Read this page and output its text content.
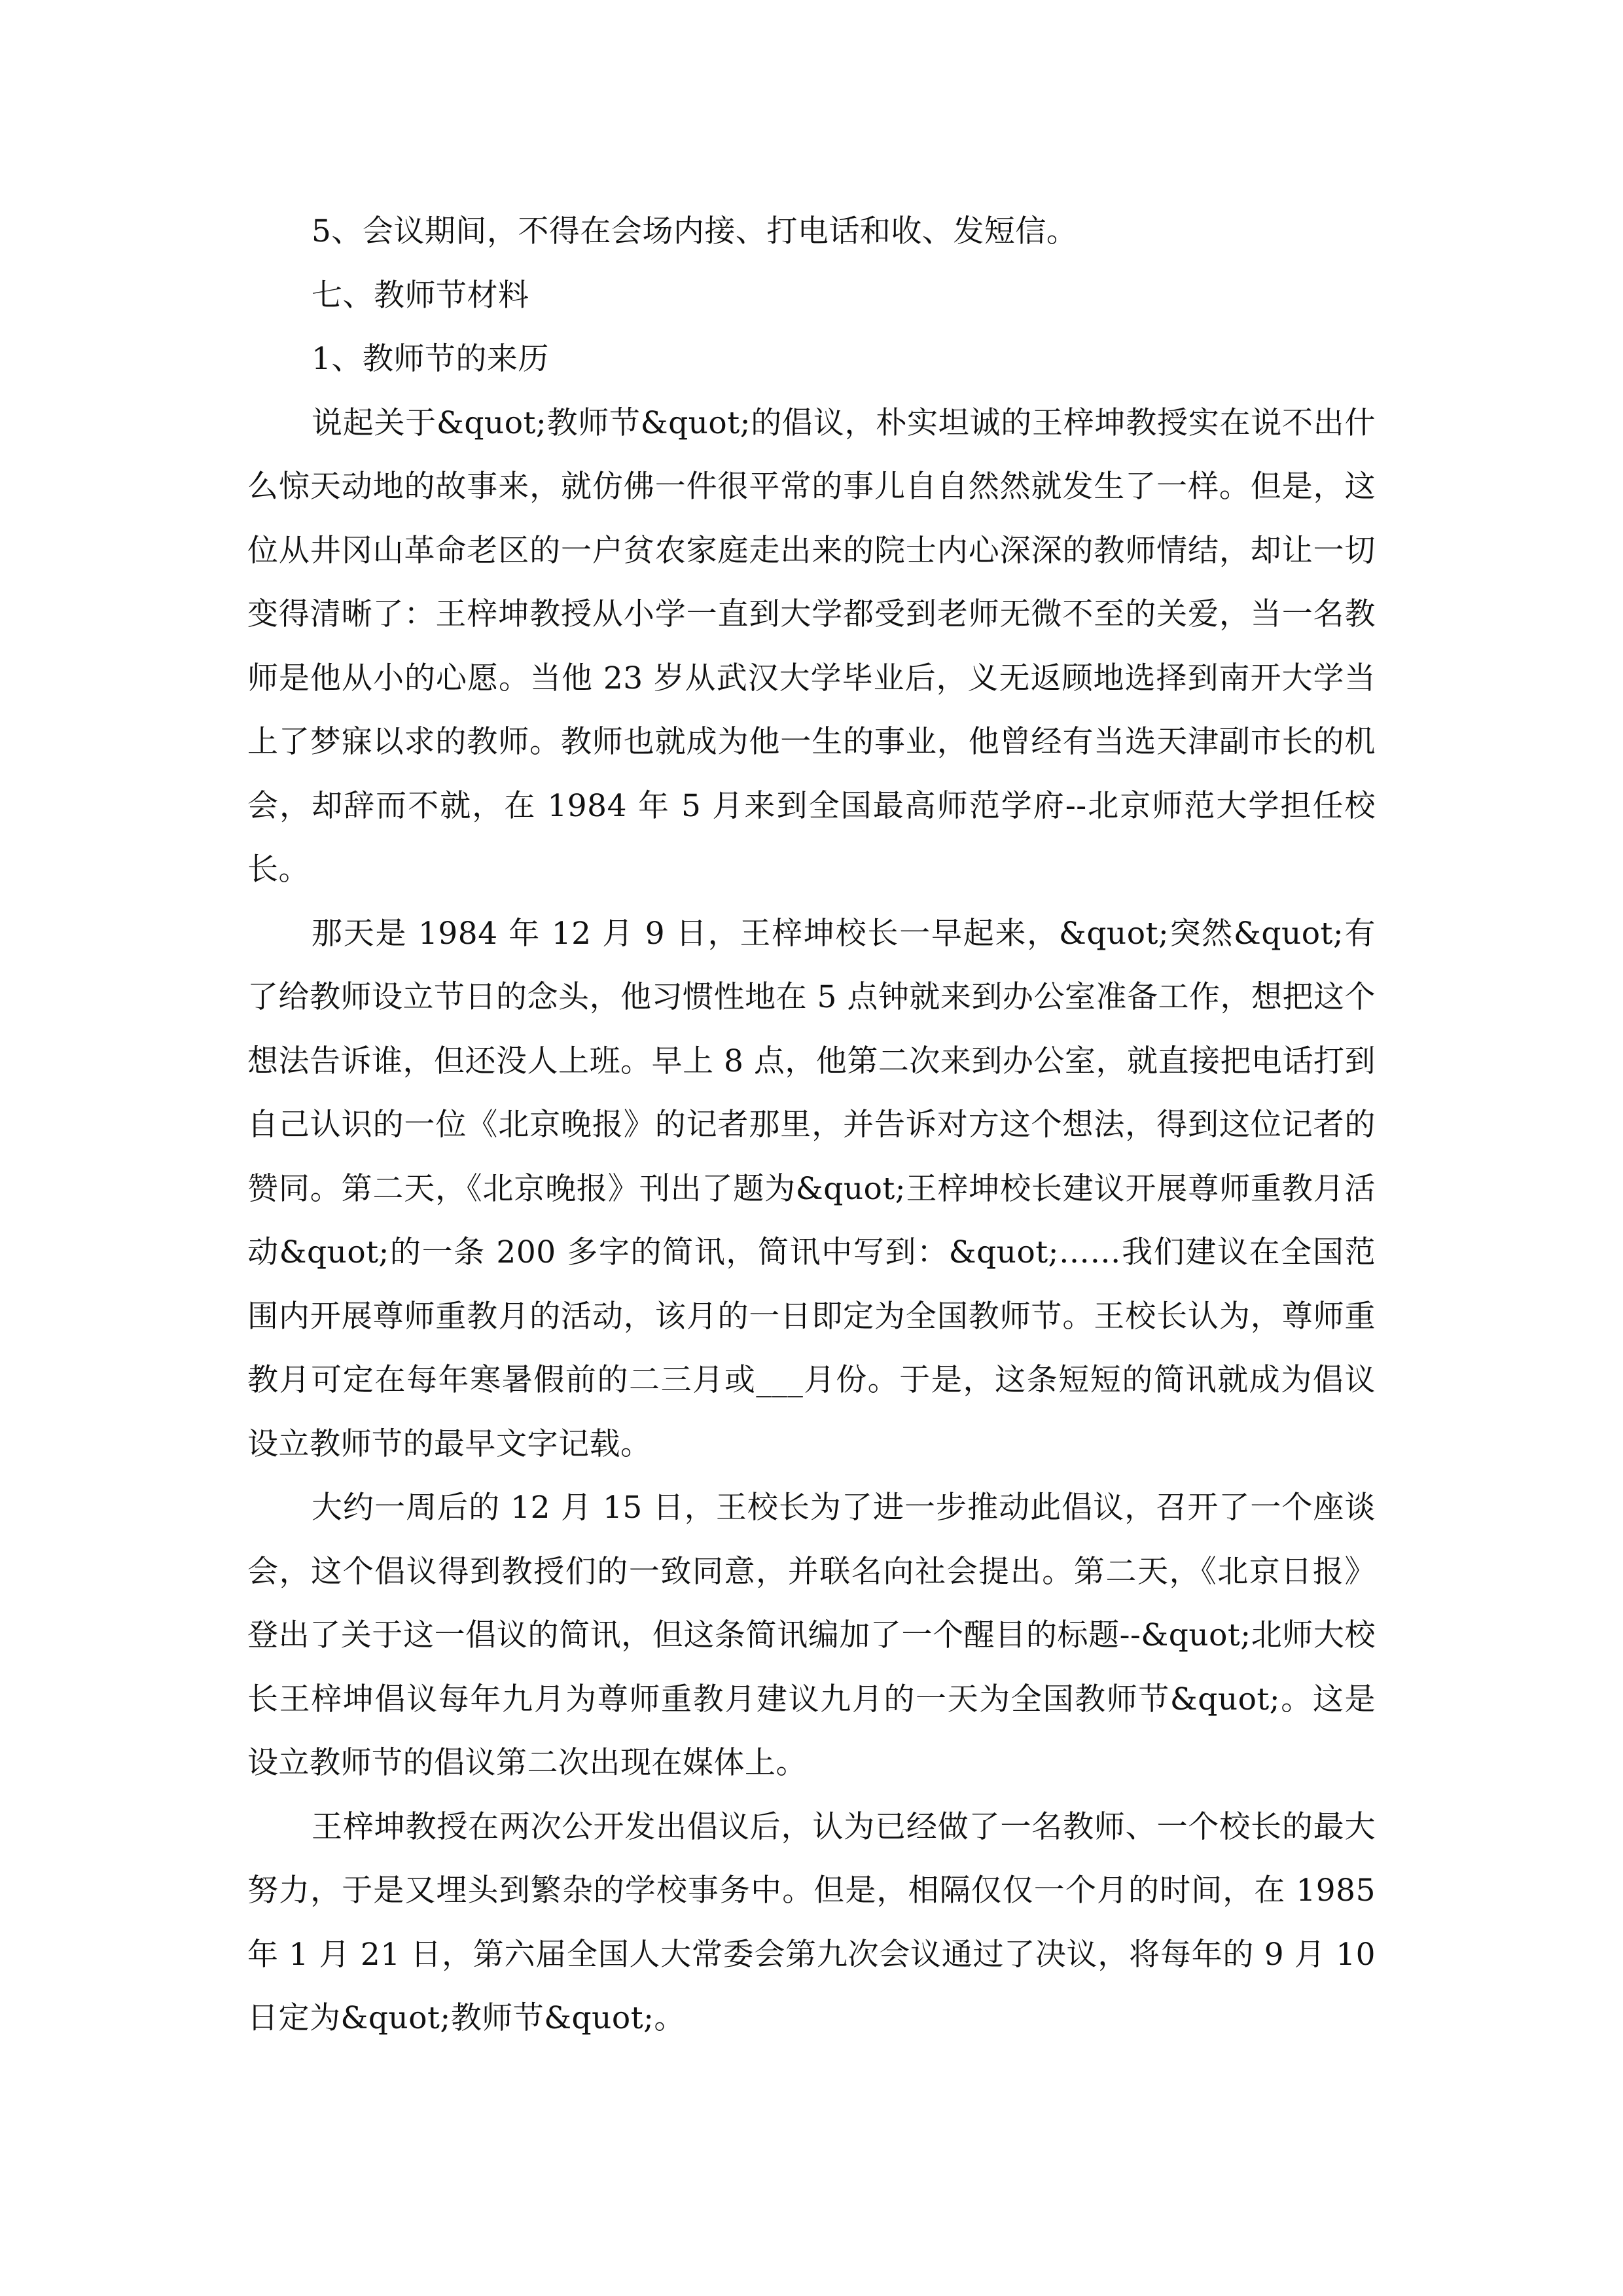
5、会议期间，不得在会场内接、打电话和收、发短信。

七、教师节材料

1、教师节的来历

说起关于&quot;教师节&quot;的倡议，朴实坦诚的王梓坤教授实在说不出什么惊天动地的故事来，就仿佛一件很平常的事儿自自然然就发生了一样。但是，这位从井冈山革命老区的一户贫农家庭走出来的院士内心深深的教师情结，却让一切变得清晰了：王梓坤教授从小学一直到大学都受到老师无微不至的关爱，当一名教师是他从小的心愿。当他 23 岁从武汉大学毕业后，义无返顾地选择到南开大学当上了梦寐以求的教师。教师也就成为他一生的事业，他曾经有当选天津副市长的机会，却辞而不就，在 1984 年 5 月来到全国最高师范学府--北京师范大学担任校长。

那天是 1984 年 12 月 9 日，王梓坤校长一早起来，&quot;突然&quot;有了给教师设立节日的念头，他习惯性地在 5 点钟就来到办公室准备工作，想把这个想法告诉谁，但还没人上班。早上 8 点，他第二次来到办公室，就直接把电话打到自己认识的一位《北京晚报》的记者那里，并告诉对方这个想法，得到这位记者的赞同。第二天，《北京晚报》刊出了题为&quot;王梓坤校长建议开展尊师重教月活动&quot;的一条 200 多字的简讯，简讯中写到：&quot;……我们建议在全国范围内开展尊师重教月的活动，该月的一日即定为全国教师节。王校长认为，尊师重教月可定在每年寒暑假前的二三月或___月份。于是，这条短短的简讯就成为倡议设立教师节的最早文字记载。

大约一周后的 12 月 15 日，王校长为了进一步推动此倡议，召开了一个座谈会，这个倡议得到教授们的一致同意，并联名向社会提出。第二天，《北京日报》登出了关于这一倡议的简讯，但这条简讯编加了一个醒目的标题--&quot;北师大校长王梓坤倡议每年九月为尊师重教月建议九月的一天为全国教师节&quot;。这是设立教师节的倡议第二次出现在媒体上。

王梓坤教授在两次公开发出倡议后，认为已经做了一名教师、一个校长的最大努力，于是又埋头到繁杂的学校事务中。但是，相隔仅仅一个月的时间，在 1985 年 1 月 21 日，第六届全国人大常委会第九次会议通过了决议，将每年的 9 月 10 日定为&quot;教师节&quot;。
